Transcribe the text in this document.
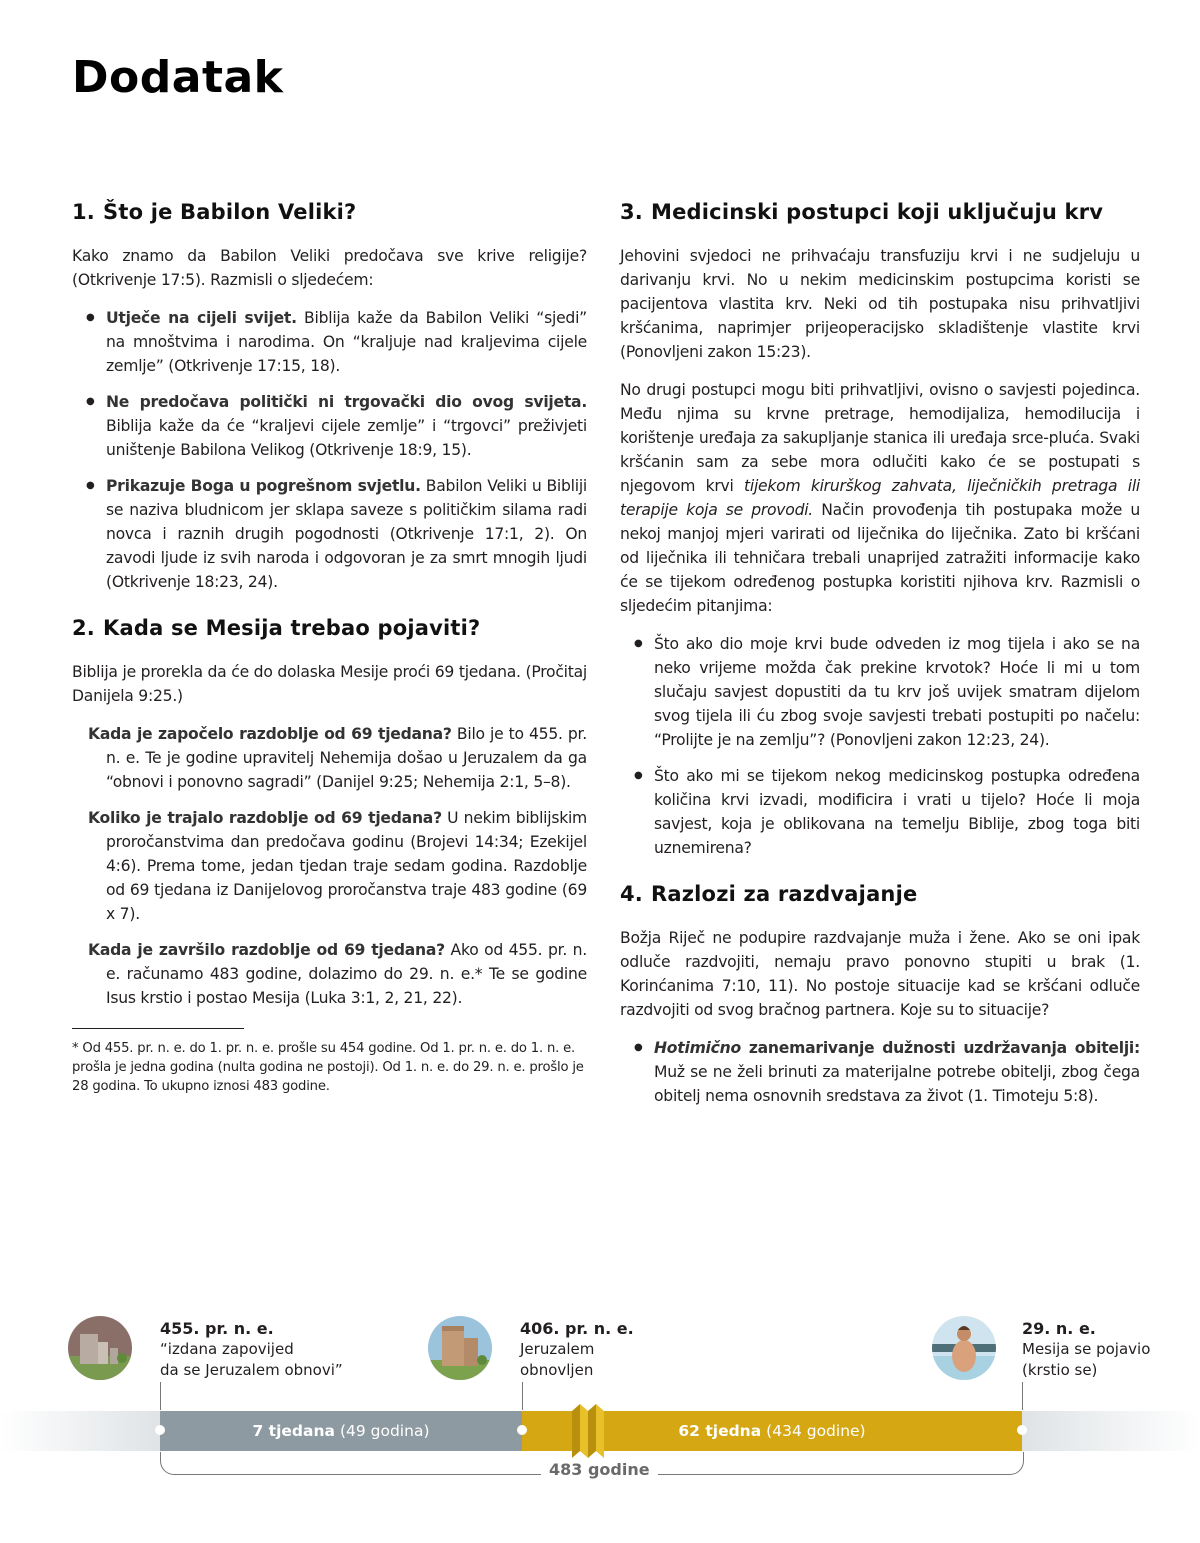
Dodatak
1. Što je Babilon Veliki?

Kako znamo da Babilon Veliki predočava sve krive religije? (Otkrivenje 17:5). Razmisli o sljedećem:

● Utječe na cijeli svijet. Biblija kaže da Babilon Veliki “sjedi” na mnoštvima i narodima. On “kraljuje nad kraljevima cijele zemlje” (Otkrivenje 17:15, 18).
● Ne predočava politički ni trgovački dio ovog svijeta. Biblija kaže da će “kraljevi cijele zemlje” i “trgovci” preživjeti uništenje Babilona Velikog (Otkrivenje 18:9, 15).
● Prikazuje Boga u pogrešnom svjetlu. Babilon Veliki u Bibliji se naziva bludnicom jer sklapa saveze s političkim silama radi novca i raznih drugih pogodnosti (Otkrivenje 17:1, 2). On zavodi ljude iz svih naroda i odgovoran je za smrt mnogih ljudi (Otkrivenje 18:23, 24).
2. Kada se Mesija trebao pojaviti?

Biblija je prorekla da će do dolaska Mesije proći 69 tjedana. (Pročitaj Danijela 9:25.)

Kada je započelo razdoblje od 69 tjedana? Bilo je to 455. pr. n. e. Te je godine upravitelj Nehemija došao u Jeruzalem da ga “obnovi i ponovno sagradi” (Danijel 9:25; Nehemija 2:1, 5–8).

Koliko je trajalo razdoblje od 69 tjedana? U nekim biblijskim proročanstvima dan predočava godinu (Brojevi 14:34; Ezekijel 4:6). Prema tome, jedan tjedan traje sedam godina. Razdoblje od 69 tjedana iz Danijelovog proročanstva traje 483 godine (69 x 7).

Kada je završilo razdoblje od 69 tjedana? Ako od 455. pr. n. e. računamo 483 godine, dolazimo do 29. n. e.* Te se godine Isus krstio i postao Mesija (Luka 3:1, 2, 21, 22).

* Od 455. pr. n. e. do 1. pr. n. e. prošle su 454 godine. Od 1. pr. n. e. do 1. n. e. prošla je jedna godina (nulta godina ne postoji). Od 1. n. e. do 29. n. e. prošlo je 28 godina. To ukupno iznosi 483 godine.

3. Medicinski postupci koji uključuju krv

Jehovini svjedoci ne prihvaćaju transfuziju krvi i ne sudjeluju u darivanju krvi. No u nekim medicinskim postupcima koristi se pacijentova vlastita krv. Neki od tih postupaka nisu prihvatljivi kršćanima, naprimjer prijeoperacijsko skladištenje vlastite krvi (Ponovljeni zakon 15:23).

No drugi postupci mogu biti prihvatljivi, ovisno o savjesti pojedinca. Među njima su krvne pretrage, hemodijaliza, hemodilucija i korištenje uređaja za sakupljanje stanica ili uređaja srce-pluća. Svaki kršćanin sam za sebe mora odlučiti kako će se postupati s njegovom krvi tijekom kirurškog zahvata, liječničkih pretraga ili terapije koja se provodi. Način provođenja tih postupaka može u nekoj manjoj mjeri varirati od liječnika do liječnika. Zato bi kršćani od liječnika ili tehničara trebali unaprijed zatražiti informacije kako će se tijekom određenog postupka koristiti njihova krv. Razmisli o sljedećim pitanjima:

● Što ako dio moje krvi bude odveden iz mog tijela i ako se na neko vrijeme možda čak prekine krvotok? Hoće li mi u tom slučaju savjest dopustiti da tu krv još uvijek smatram dijelom svog tijela ili ću zbog svoje savjesti trebati postupiti po načelu: “Prolijte je na zemlju”? (Ponovljeni zakon 12:23, 24).
● Što ako mi se tijekom nekog medicinskog postupka određena količina krvi izvadi, modificira i vrati u tijelo? Hoće li moja savjest, koja je oblikovana na temelju Biblije, zbog toga biti uznemirena?
4. Razlozi za razdvajanje

Božja Riječ ne podupire razdvajanje muža i žene. Ako se oni ipak odluče razdvojiti, nemaju pravo ponovno stupiti u brak (1. Korinćanima 7:10, 11). No postoje situacije kad se kršćani odluče razdvojiti od svog bračnog partnera. Koje su to situacije?

● Hotimično zanemarivanje dužnosti uzdržavanja obitelji: Muž se ne želi brinuti za materijalne potrebe obitelji, zbog čega obitelj nema osnovnih sredstava za život (1. Timoteju 5:8).
455. pr. n. e.
“izdana zapovijed
da se Jeruzalem obnovi”
406. pr. n. e.
Jeruzalem
obnovljen
29. n. e.
Mesija se pojavio
(krstio se)
7 tjedana (49 godina)	62 tjedna (434 godine)
483 godine
